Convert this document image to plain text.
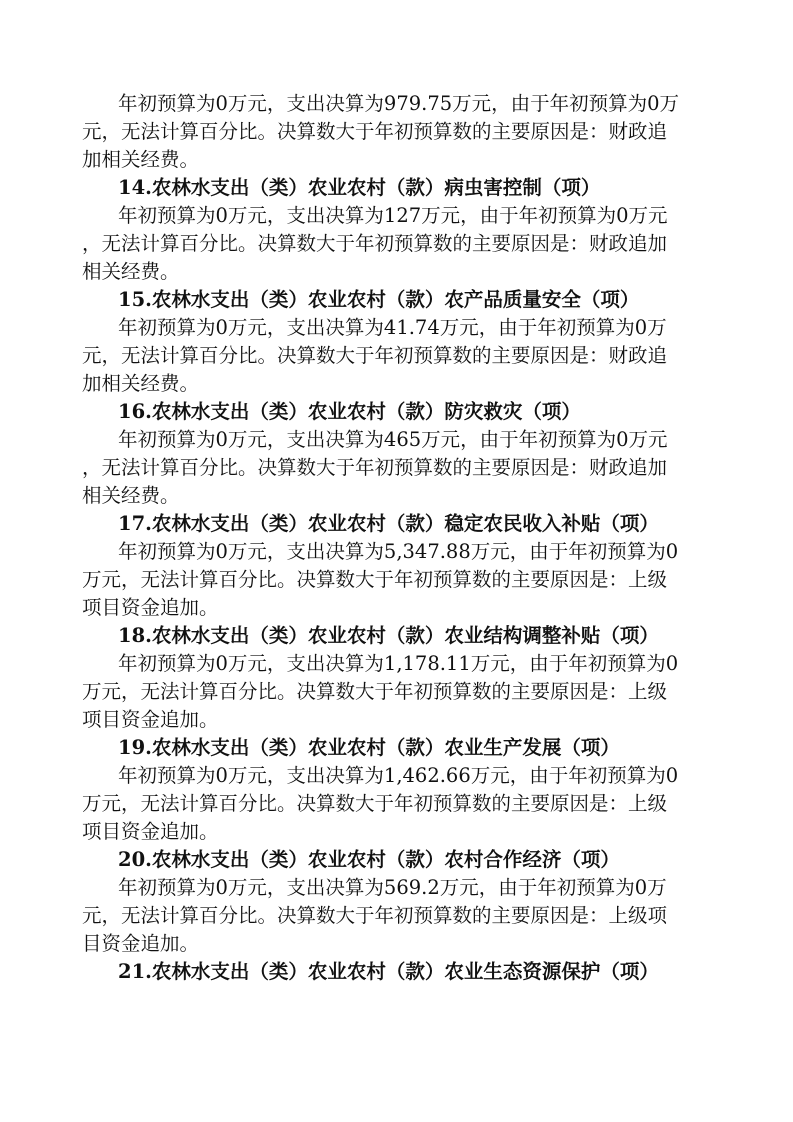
年初预算为0万元，支出决算为979.75万元，由于年初预算为0万
元，无法计算百分比。决算数大于年初预算数的主要原因是：财政追
加相关经费。
14.农林水支出（类）农业农村（款）病虫害控制（项）
年初预算为0万元，支出决算为127万元，由于年初预算为0万元
，无法计算百分比。决算数大于年初预算数的主要原因是：财政追加
相关经费。
15.农林水支出（类）农业农村（款）农产品质量安全（项）
年初预算为0万元，支出决算为41.74万元，由于年初预算为0万
元，无法计算百分比。决算数大于年初预算数的主要原因是：财政追
加相关经费。
16.农林水支出（类）农业农村（款）防灾救灾（项）
年初预算为0万元，支出决算为465万元，由于年初预算为0万元
，无法计算百分比。决算数大于年初预算数的主要原因是：财政追加
相关经费。
17.农林水支出（类）农业农村（款）稳定农民收入补贴（项）
年初预算为0万元，支出决算为5,347.88万元，由于年初预算为0
万元，无法计算百分比。决算数大于年初预算数的主要原因是：上级
项目资金追加。
18.农林水支出（类）农业农村（款）农业结构调整补贴（项）
年初预算为0万元，支出决算为1,178.11万元，由于年初预算为0
万元，无法计算百分比。决算数大于年初预算数的主要原因是：上级
项目资金追加。
19.农林水支出（类）农业农村（款）农业生产发展（项）
年初预算为0万元，支出决算为1,462.66万元，由于年初预算为0
万元，无法计算百分比。决算数大于年初预算数的主要原因是：上级
项目资金追加。
20.农林水支出（类）农业农村（款）农村合作经济（项）
年初预算为0万元，支出决算为569.2万元，由于年初预算为0万
元，无法计算百分比。决算数大于年初预算数的主要原因是：上级项
目资金追加。
21.农林水支出（类）农业农村（款）农业生态资源保护（项）
